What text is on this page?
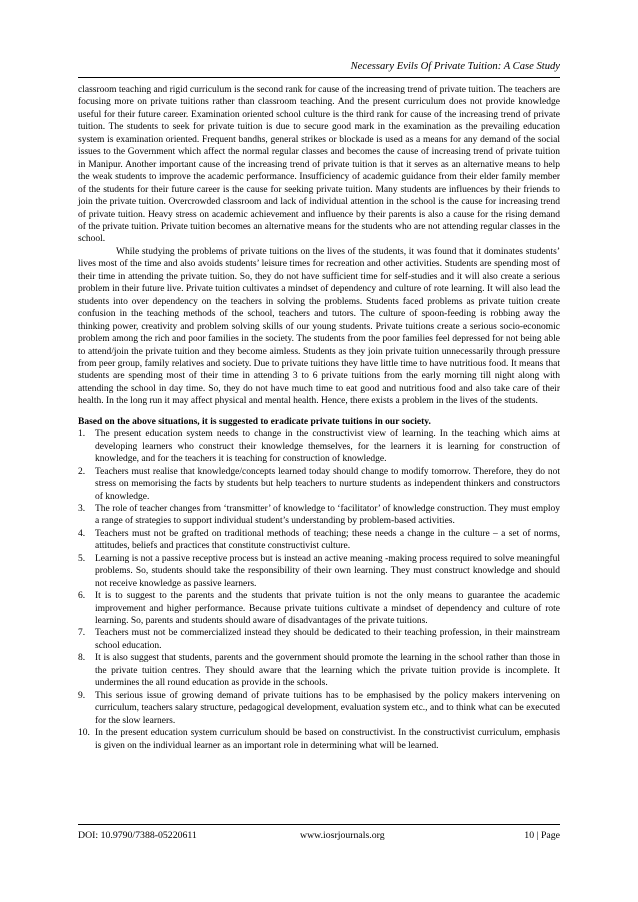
Necessary Evils Of Private Tuition: A Case Study

classroom teaching and rigid curriculum is the second rank for cause of the increasing trend of private tuition. The teachers are focusing more on private tuitions rather than classroom teaching. And the present curriculum does not provide knowledge useful for their future career. Examination oriented school culture is the third rank for cause of the increasing trend of private tuition. The students to seek for private tuition is due to secure good mark in the examination as the prevailing education system is examination oriented. Frequent bandhs, general strikes or blockade is used as a means for any demand of the social issues to the Government which affect the normal regular classes and becomes the cause of increasing trend of private tuition in Manipur. Another important cause of the increasing trend of private tuition is that it serves as an alternative means to help the weak students to improve the academic performance. Insufficiency of academic guidance from their elder family member of the students for their future career is the cause for seeking private tuition. Many students are influences by their friends to join the private tuition. Overcrowded classroom and lack of individual attention in the school is the cause for increasing trend of private tuition. Heavy stress on academic achievement and influence by their parents is also a cause for the rising demand of the private tuition. Private tuition becomes an alternative means for the students who are not attending regular classes in the school.

While studying the problems of private tuitions on the lives of the students, it was found that it dominates students’ lives most of the time and also avoids students’ leisure times for recreation and other activities. Students are spending most of their time in attending the private tuition. So, they do not have sufficient time for self-studies and it will also create a serious problem in their future live. Private tuition cultivates a mindset of dependency and culture of rote learning. It will also lead the students into over dependency on the teachers in solving the problems. Students faced problems as private tuition create confusion in the teaching methods of the school, teachers and tutors. The culture of spoon-feeding is robbing away the thinking power, creativity and problem solving skills of our young students. Private tuitions create a serious socio-economic problem among the rich and poor families in the society. The students from the poor families feel depressed for not being able to attend/join the private tuition and they become aimless. Students as they join private tuition unnecessarily through pressure from peer group, family relatives and society. Due to private tuitions they have little time to have nutritious food. It means that students are spending most of their time in attending 3 to 6 private tuitions from the early morning till night along with attending the school in day time. So, they do not have much time to eat good and nutritious food and also take care of their health. In the long run it may affect physical and mental health. Hence, there exists a problem in the lives of the students.

Based on the above situations, it is suggested to eradicate private tuitions in our society.

1. The present education system needs to change in the constructivist view of learning. In the teaching which aims at developing learners who construct their knowledge themselves, for the learners it is learning for construction of knowledge, and for the teachers it is teaching for construction of knowledge.
2. Teachers must realise that knowledge/concepts learned today should change to modify tomorrow. Therefore, they do not stress on memorising the facts by students but help teachers to nurture students as independent thinkers and constructors of knowledge.
3. The role of teacher changes from ‘transmitter’ of knowledge to ‘facilitator’ of knowledge construction. They must employ a range of strategies to support individual student’s understanding by problem-based activities.
4. Teachers must not be grafted on traditional methods of teaching; these needs a change in the culture – a set of norms, attitudes, beliefs and practices that constitute constructivist culture.
5. Learning is not a passive receptive process but is instead an active meaning -making process required to solve meaningful problems. So, students should take the responsibility of their own learning. They must construct knowledge and should not receive knowledge as passive learners.
6. It is to suggest to the parents and the students that private tuition is not the only means to guarantee the academic improvement and higher performance. Because private tuitions cultivate a mindset of dependency and culture of rote learning. So, parents and students should aware of disadvantages of the private tuitions.
7. Teachers must not be commercialized instead they should be dedicated to their teaching profession, in their mainstream school education.
8. It is also suggest that students, parents and the government should promote the learning in the school rather than those in the private tuition centres. They should aware that the learning which the private tuition provide is incomplete. It undermines the all round education as provide in the schools.
9. This serious issue of growing demand of private tuitions has to be emphasised by the policy makers intervening on curriculum, teachers salary structure, pedagogical development, evaluation system etc., and to think what can be executed for the slow learners.
10. In the present education system curriculum should be based on constructivist. In the constructivist curriculum, emphasis is given on the individual learner as an important role in determining what will be learned.
DOI: 10.9790/7388-05220611	www.iosrjournals.org	10 | Page
